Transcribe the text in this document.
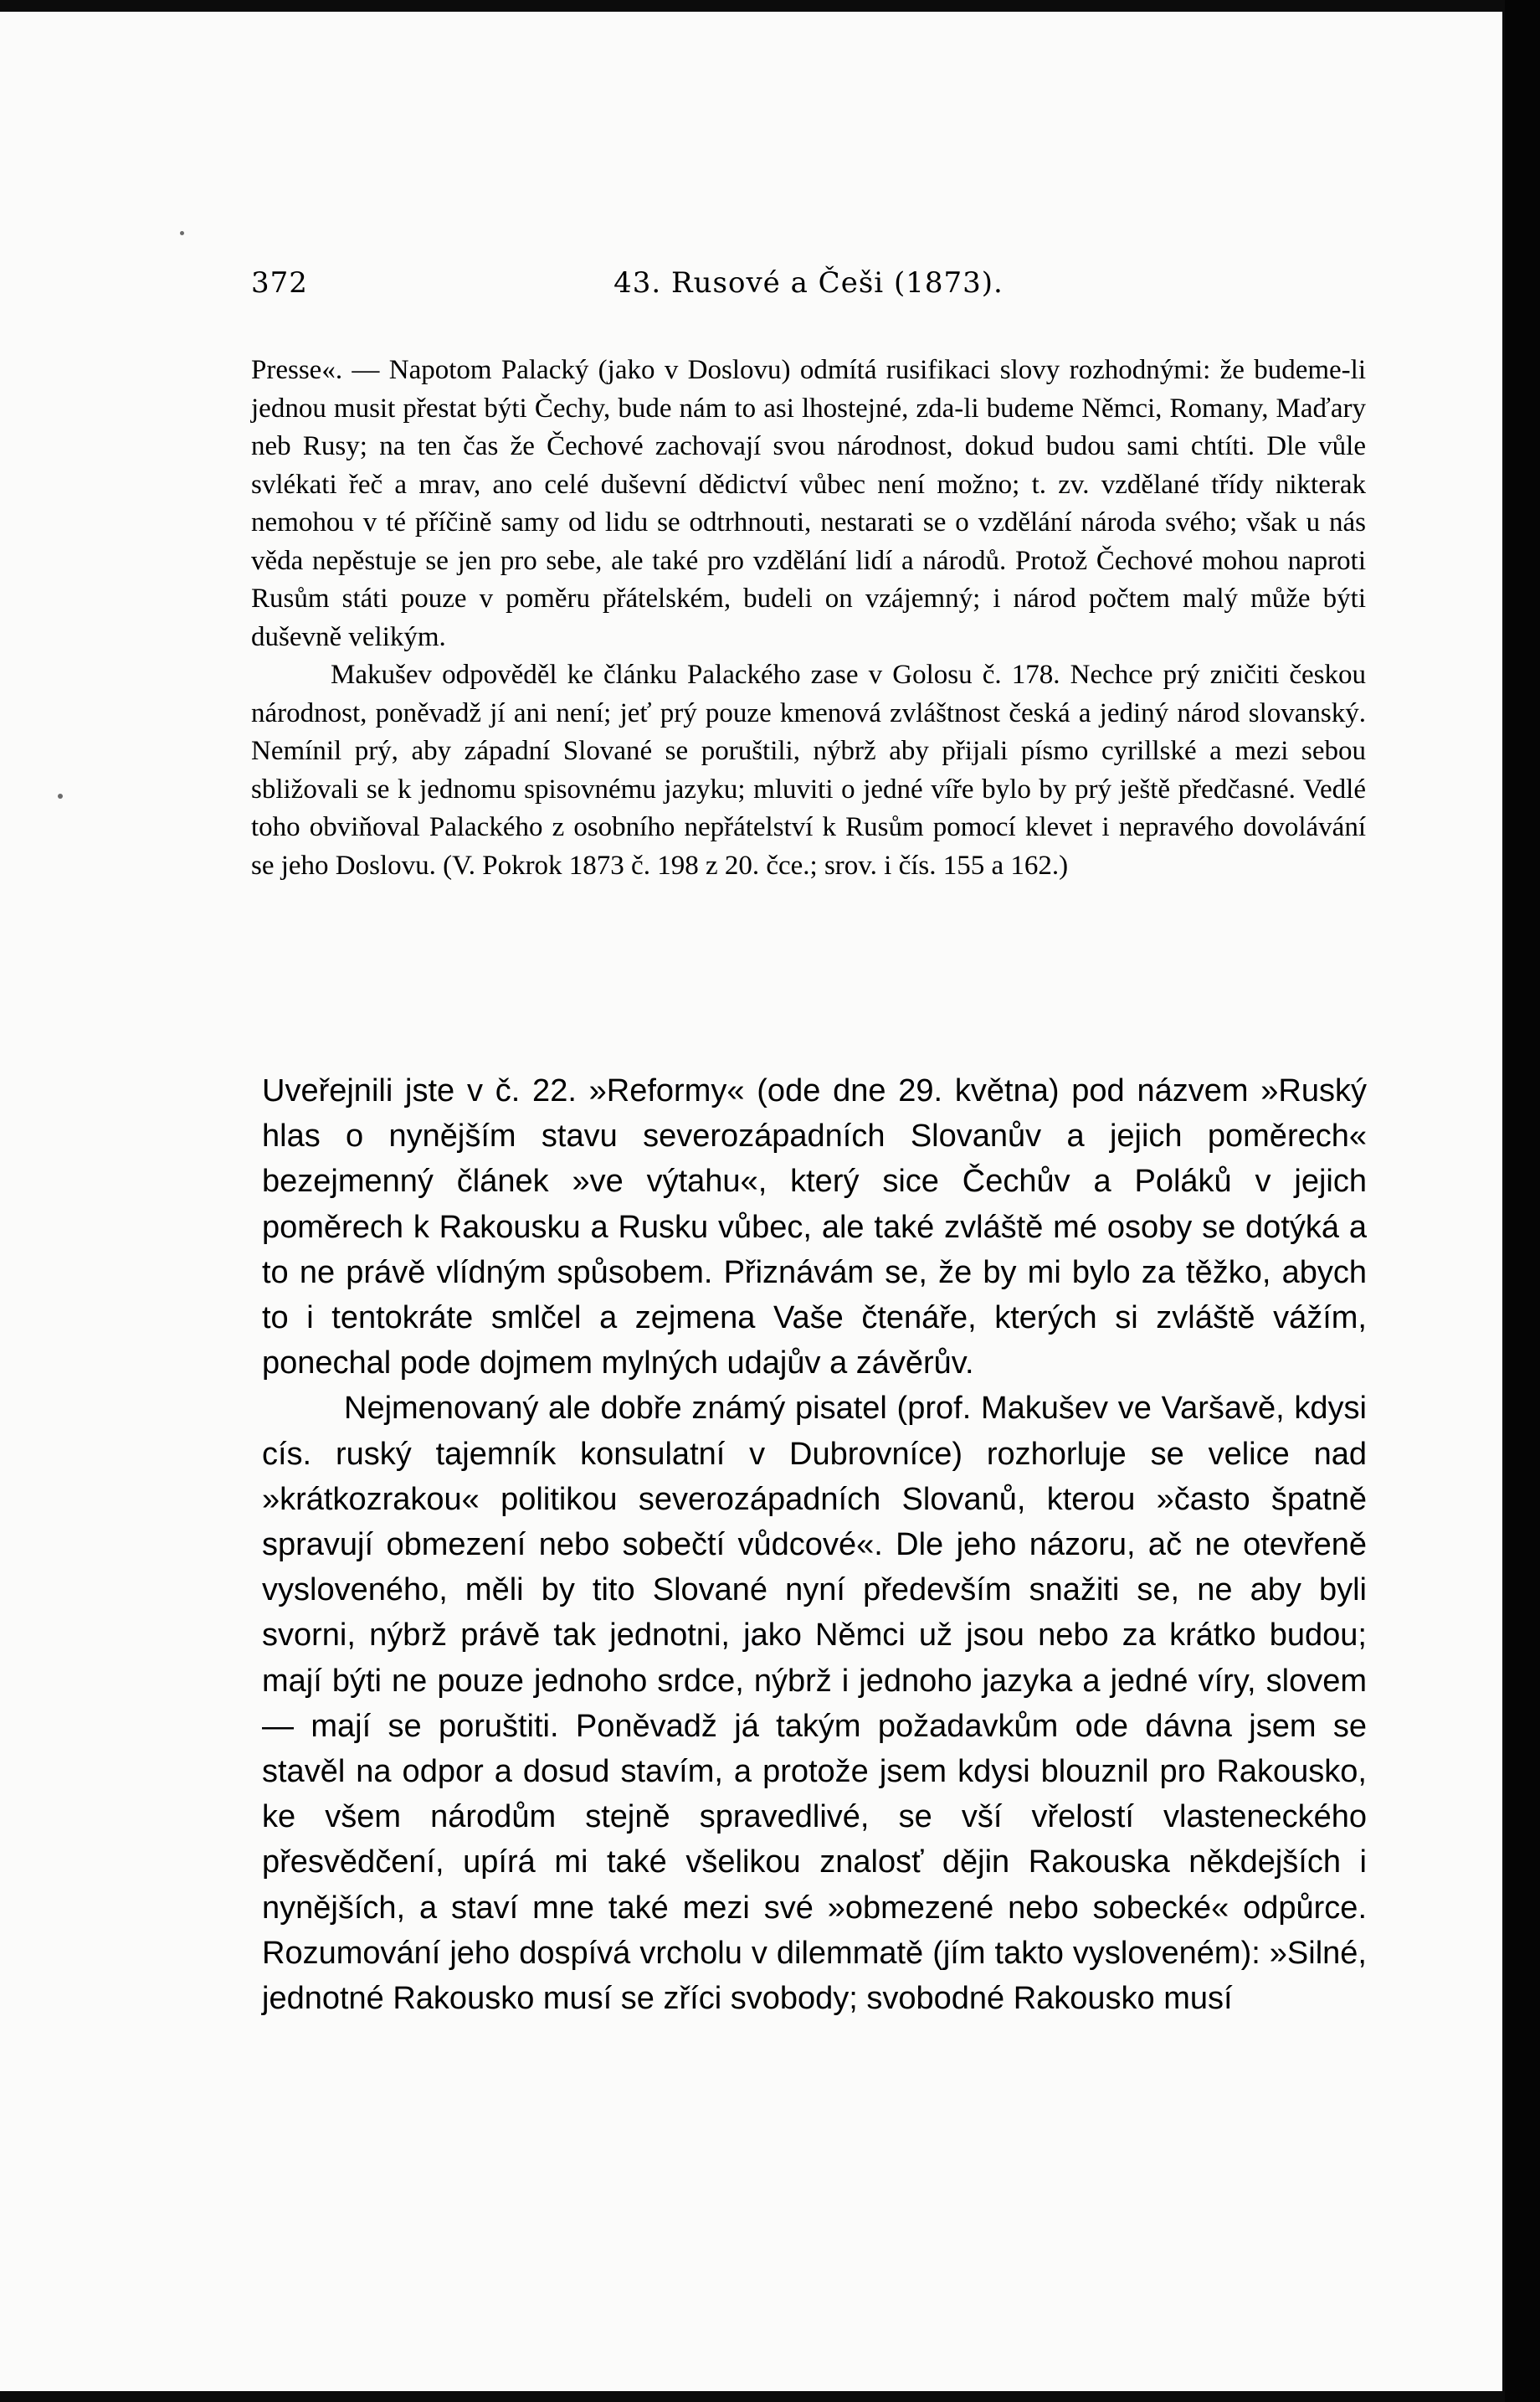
372	43. Rusové a Češi (1873).

Presse«. — Napotom Palacký (jako v Doslovu) odmítá rusifikaci slovy rozhodnými: že budeme-li jednou musit přestat býti Čechy, bude nám to asi lhostejné, zda-li budeme Němci, Romany, Maďary neb Rusy; na ten čas že Čechové zachovají svou národnost, dokud budou sami chtíti. Dle vůle svlékati řeč a mrav, ano celé duševní dědictví vůbec není možno; t. zv. vzdělané třídy nikterak nemohou v té příčině samy od lidu se odtrhnouti, nestarati se o vzdělání národa svého; však u nás věda nepěstuje se jen pro sebe, ale také pro vzdělání lidí a národů. Protož Čechové mohou naproti Rusům státi pouze v poměru přátelském, budeli on vzájemný; i národ počtem malý může býti duševně velikým.

Makušev odpověděl ke článku Palackého zase v Golosu č. 178. Nechce prý zničiti českou národnost, poněvadž jí ani není; jeť prý pouze kmenová zvláštnost česká a jediný národ slovanský. Nemínil prý, aby západní Slované se poruštili, nýbrž aby přijali písmo cyrillské a mezi sebou sbližovali se k jednomu spisovnému jazyku; mluviti o jedné víře bylo by prý ještě předčasné. Vedlé toho obviňoval Palackého z osobního nepřátelství k Rusům pomocí klevet i nepravého dovolávání se jeho Doslovu. (V. Pokrok 1873 č. 198 z 20. čce.; srov. i čís. 155 a 162.)

Uveřejnili jste v č. 22. »Reformy« (ode dne 29. května) pod názvem »Ruský hlas o nynějším stavu severozápadních Slovanův a jejich poměrech« bezejmenný článek »ve výtahu«, který sice Čechův a Poláků v jejich poměrech k Rakousku a Rusku vůbec, ale také zvláště mé osoby se dotýká a to ne právě vlídným spůsobem. Přiznávám se, že by mi bylo za těžko, abych to i tentokráte smlčel a zejmena Vaše čtenáře, kterých si zvláště vážím, ponechal pode dojmem mylných udajův a závěrův.

Nejmenovaný ale dobře známý pisatel (prof. Makušev ve Varšavě, kdysi cís. ruský tajemník konsulatní v Dubrovníce) rozhorluje se velice nad »krátkozrakou« politikou severozápadních Slovanů, kterou »často špatně spravují obmezení nebo sobečtí vůdcové«. Dle jeho názoru, ač ne otevřeně vysloveného, měli by tito Slované nyní především snažiti se, ne aby byli svorni, nýbrž právě tak jednotni, jako Němci už jsou nebo za krátko budou; mají býti ne pouze jednoho srdce, nýbrž i jednoho jazyka a jedné víry, slovem — mají se poruštiti. Poněvadž já takým požadavkům ode dávna jsem se stavěl na odpor a dosud stavím, a protože jsem kdysi blouznil pro Rakousko, ke všem národům stejně spravedlivé, se vší vřelostí vlasteneckého přesvědčení, upírá mi také všelikou znalosť dějin Rakouska někdejších i nynějších, a staví mne také mezi své »obmezené nebo sobecké« odpůrce. Rozumování jeho dospívá vrcholu v dilemmatě (jím takto vysloveném): »Silné, jednotné Rakousko musí se zříci svobody; svobodné Rakousko musí
